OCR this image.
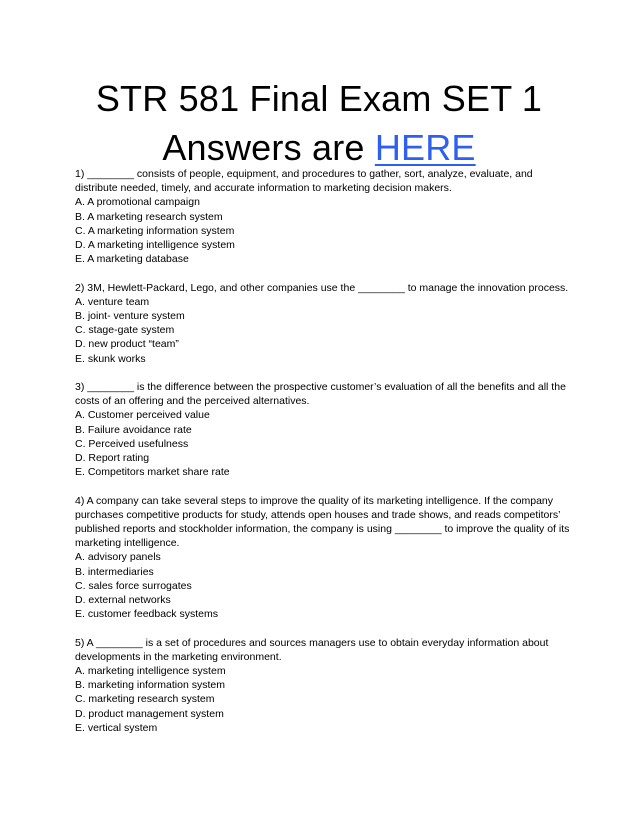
STR 581 Final Exam SET 1
Answers are HERE

1) ________ consists of people, equipment, and procedures to gather, sort, analyze, evaluate, and distribute needed, timely, and accurate information to marketing decision makers.

A. A promotional campaign

B. A marketing research system

C. A marketing information system

D. A marketing intelligence system

E. A marketing database

2) 3M, Hewlett-Packard, Lego, and other companies use the ________ to manage the innovation process.

A. venture team

B. joint- venture system

C. stage-gate system

D. new product “team”

E. skunk works

3) ________ is the difference between the prospective customer’s evaluation of all the benefits and all the costs of an offering and the perceived alternatives.

A. Customer perceived value

B. Failure avoidance rate

C. Perceived usefulness

D. Report rating

E. Competitors market share rate

4) A company can take several steps to improve the quality of its marketing intelligence. If the company purchases competitive products for study, attends open houses and trade shows, and reads competitors’ published reports and stockholder information, the company is using ________ to improve the quality of its marketing intelligence.

A. advisory panels

B. intermediaries

C. sales force surrogates

D. external networks

E. customer feedback systems

5) A ________ is a set of procedures and sources managers use to obtain everyday information about developments in the marketing environment.

A. marketing intelligence system

B. marketing information system

C. marketing research system

D. product management system

E. vertical system
